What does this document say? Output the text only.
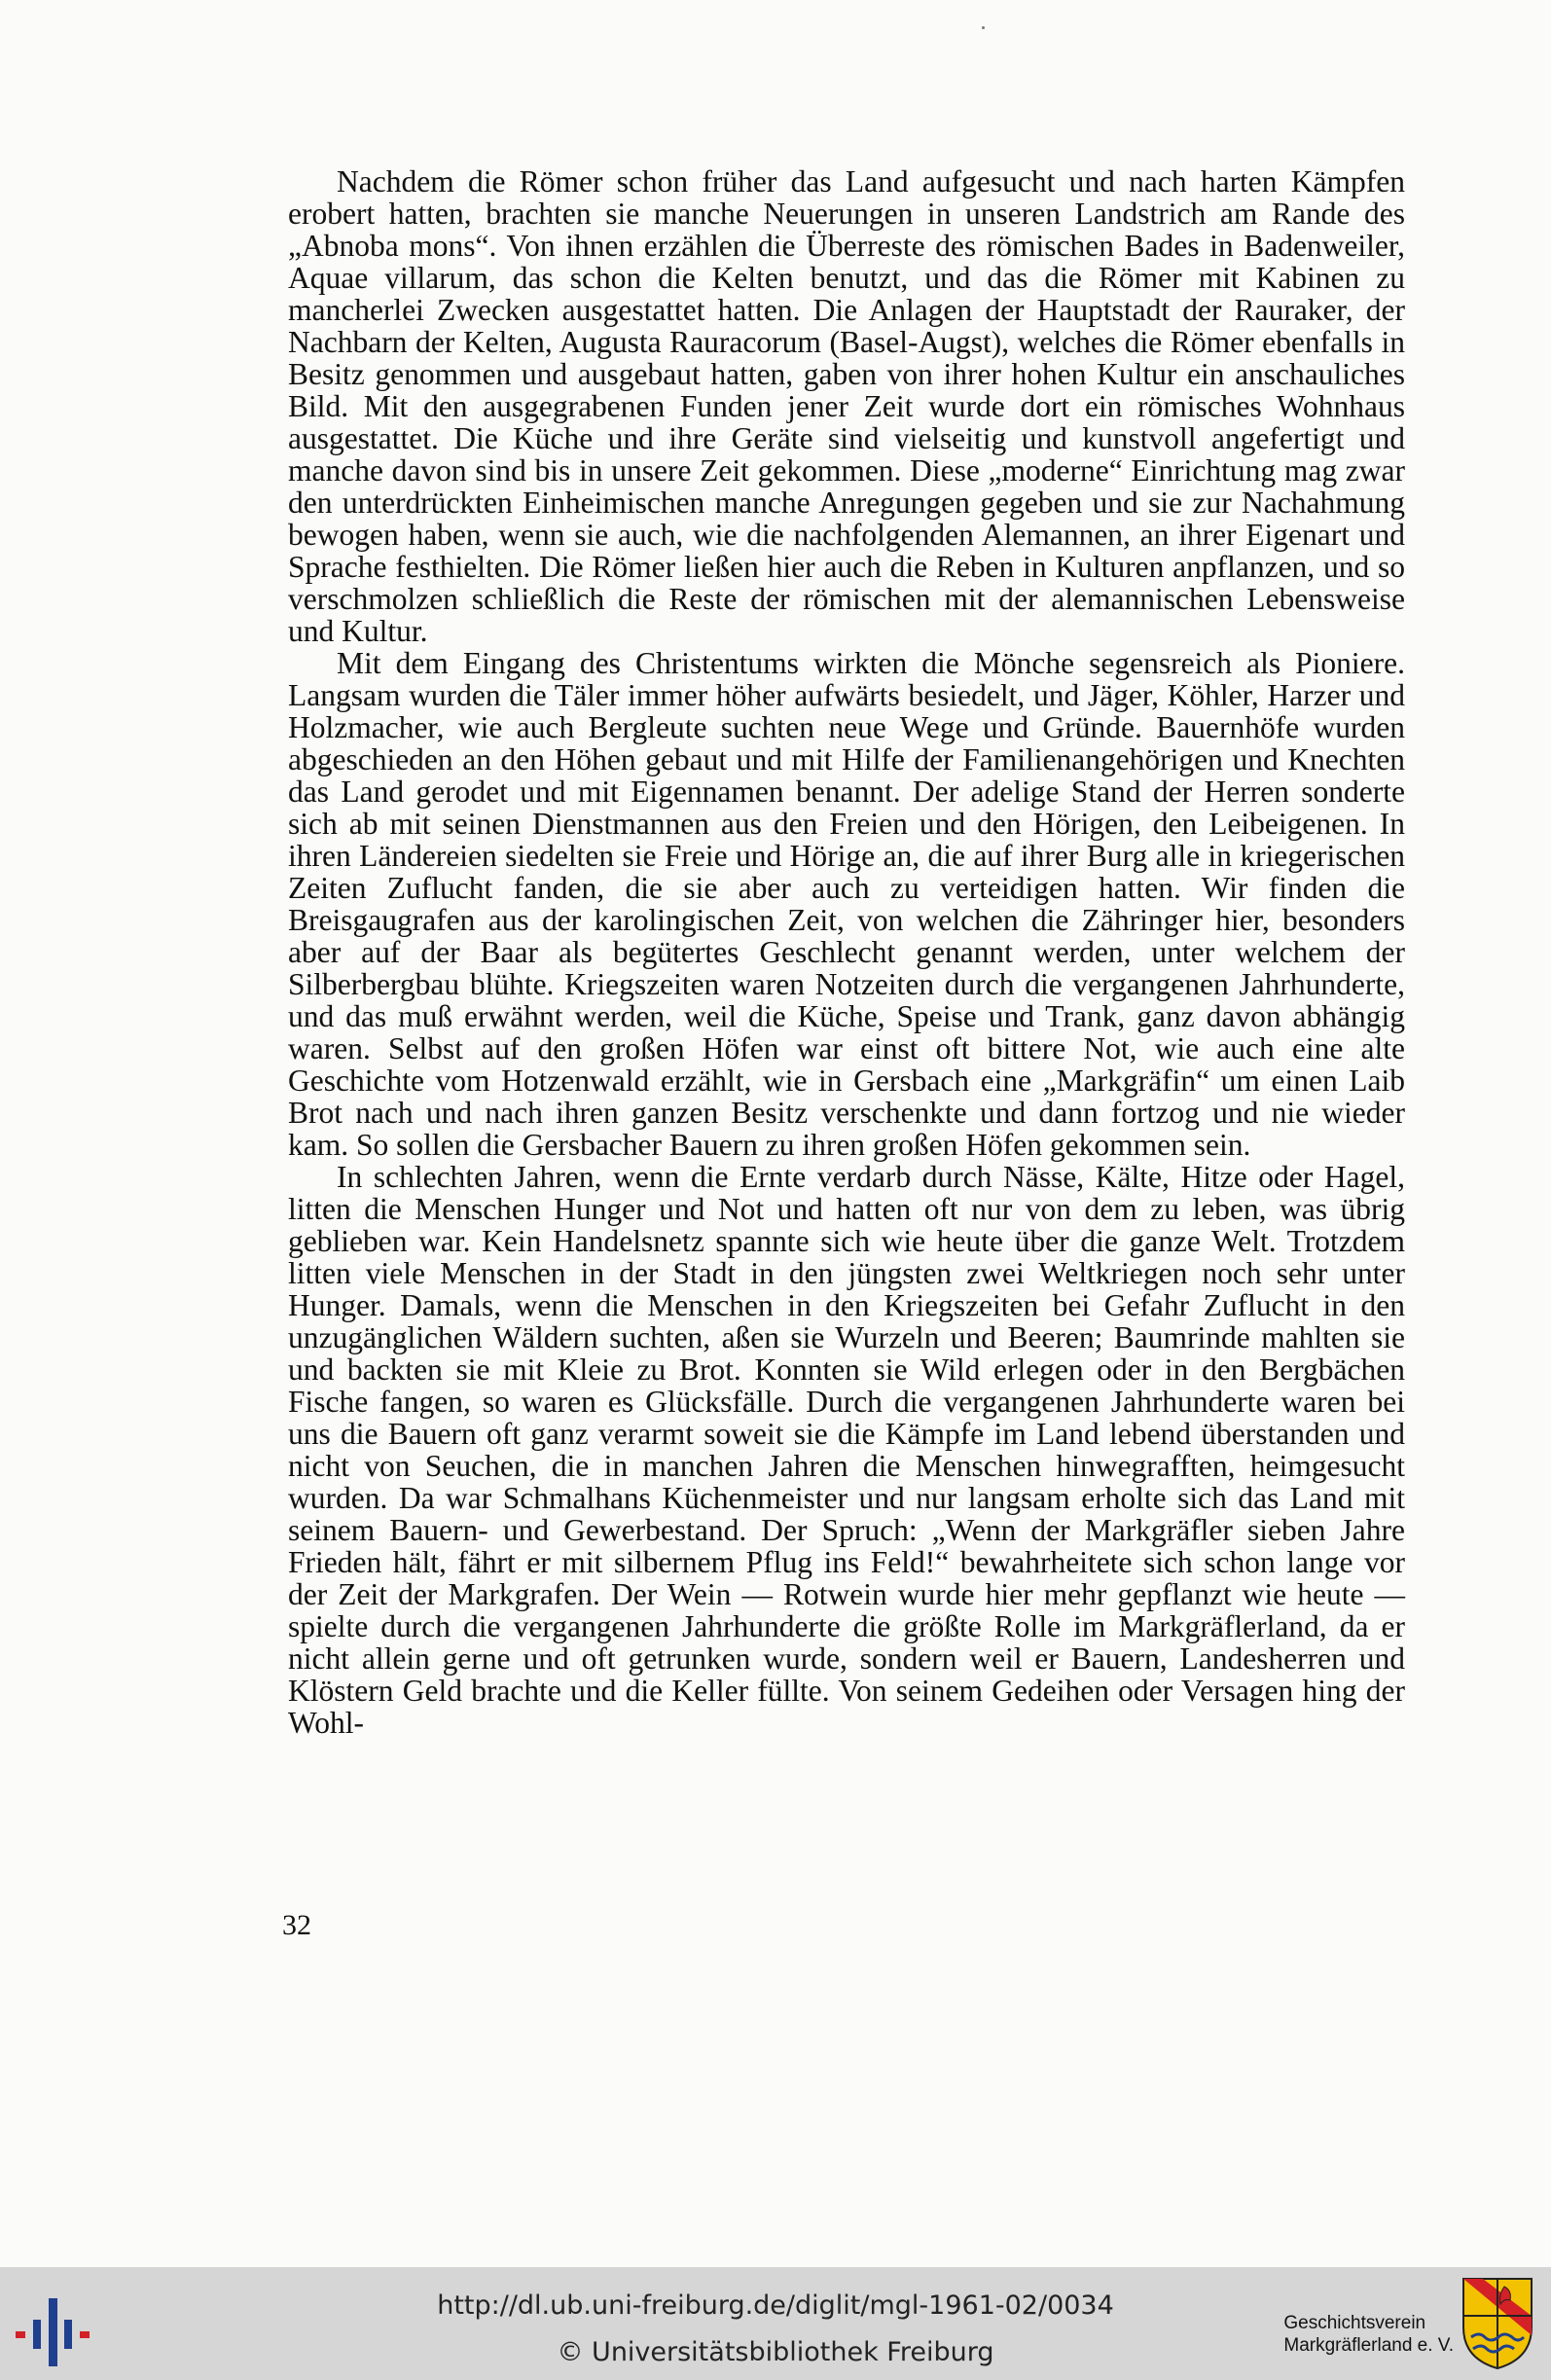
Nachdem die Römer schon früher das Land aufgesucht und nach harten Kämpfen erobert hatten, brachten sie manche Neuerungen in unseren Landstrich am Rande des „Abnoba mons“. Von ihnen erzählen die Überreste des römischen Bades in Badenweiler, Aquae villarum, das schon die Kelten benutzt, und das die Römer mit Kabinen zu mancherlei Zwecken ausgestattet hatten. Die Anlagen der Hauptstadt der Rauraker, der Nachbarn der Kelten, Augusta Rauracorum (Basel-Augst), welches die Römer ebenfalls in Besitz genommen und ausgebaut hatten, gaben von ihrer hohen Kultur ein anschauliches Bild. Mit den ausgegrabenen Funden jener Zeit wurde dort ein römisches Wohnhaus ausgestattet. Die Küche und ihre Geräte sind vielseitig und kunstvoll angefertigt und manche davon sind bis in unsere Zeit gekommen. Diese „moderne“ Einrichtung mag zwar den unterdrückten Einheimischen manche Anregungen gegeben und sie zur Nachahmung bewogen haben, wenn sie auch, wie die nachfolgenden Alemannen, an ihrer Eigenart und Sprache festhielten. Die Römer ließen hier auch die Reben in Kulturen anpflanzen, und so verschmolzen schließlich die Reste der römischen mit der alemannischen Lebensweise und Kultur.

Mit dem Eingang des Christentums wirkten die Mönche segensreich als Pioniere. Langsam wurden die Täler immer höher aufwärts besiedelt, und Jäger, Köhler, Harzer und Holzmacher, wie auch Bergleute suchten neue Wege und Gründe. Bauernhöfe wurden abgeschieden an den Höhen gebaut und mit Hilfe der Familienangehörigen und Knechten das Land gerodet und mit Eigennamen benannt. Der adelige Stand der Herren sonderte sich ab mit seinen Dienstmannen aus den Freien und den Hörigen, den Leibeigenen. In ihren Ländereien siedelten sie Freie und Hörige an, die auf ihrer Burg alle in kriegerischen Zeiten Zuflucht fanden, die sie aber auch zu verteidigen hatten. Wir finden die Breisgaugrafen aus der karolingischen Zeit, von welchen die Zähringer hier, besonders aber auf der Baar als begütertes Geschlecht genannt werden, unter welchem der Silberbergbau blühte. Kriegszeiten waren Notzeiten durch die vergangenen Jahrhunderte, und das muß erwähnt werden, weil die Küche, Speise und Trank, ganz davon abhängig waren. Selbst auf den großen Höfen war einst oft bittere Not, wie auch eine alte Geschichte vom Hotzenwald erzählt, wie in Gersbach eine „Markgräfin“ um einen Laib Brot nach und nach ihren ganzen Besitz verschenkte und dann fortzog und nie wieder kam. So sollen die Gersbacher Bauern zu ihren großen Höfen gekommen sein.

In schlechten Jahren, wenn die Ernte verdarb durch Nässe, Kälte, Hitze oder Hagel, litten die Menschen Hunger und Not und hatten oft nur von dem zu leben, was übrig geblieben war. Kein Handelsnetz spannte sich wie heute über die ganze Welt. Trotzdem litten viele Menschen in der Stadt in den jüngsten zwei Weltkriegen noch sehr unter Hunger. Damals, wenn die Menschen in den Kriegszeiten bei Gefahr Zuflucht in den unzugänglichen Wäldern suchten, aßen sie Wurzeln und Beeren; Baumrinde mahlten sie und backten sie mit Kleie zu Brot. Konnten sie Wild erlegen oder in den Bergbächen Fische fangen, so waren es Glücksfälle. Durch die vergangenen Jahrhunderte waren bei uns die Bauern oft ganz verarmt soweit sie die Kämpfe im Land lebend überstanden und nicht von Seuchen, die in manchen Jahren die Menschen hinwegrafften, heimgesucht wurden. Da war Schmalhans Küchenmeister und nur langsam erholte sich das Land mit seinem Bauern- und Gewerbestand. Der Spruch: „Wenn der Markgräfler sieben Jahre Frieden hält, fährt er mit silbernem Pflug ins Feld!“ bewahrheitete sich schon lange vor der Zeit der Markgrafen. Der Wein — Rotwein wurde hier mehr gepflanzt wie heute — spielte durch die vergangenen Jahrhunderte die größte Rolle im Markgräflerland, da er nicht allein gerne und oft getrunken wurde, sondern weil er Bauern, Landesherren und Klöstern Geld brachte und die Keller füllte. Von seinem Gedeihen oder Versagen hing der Wohl-

32
http://dl.ub.uni-freiburg.de/diglit/mgl-1961-02/0034
© Universitätsbibliothek Freiburg
Geschichtsverein
Markgräflerland e. V.
